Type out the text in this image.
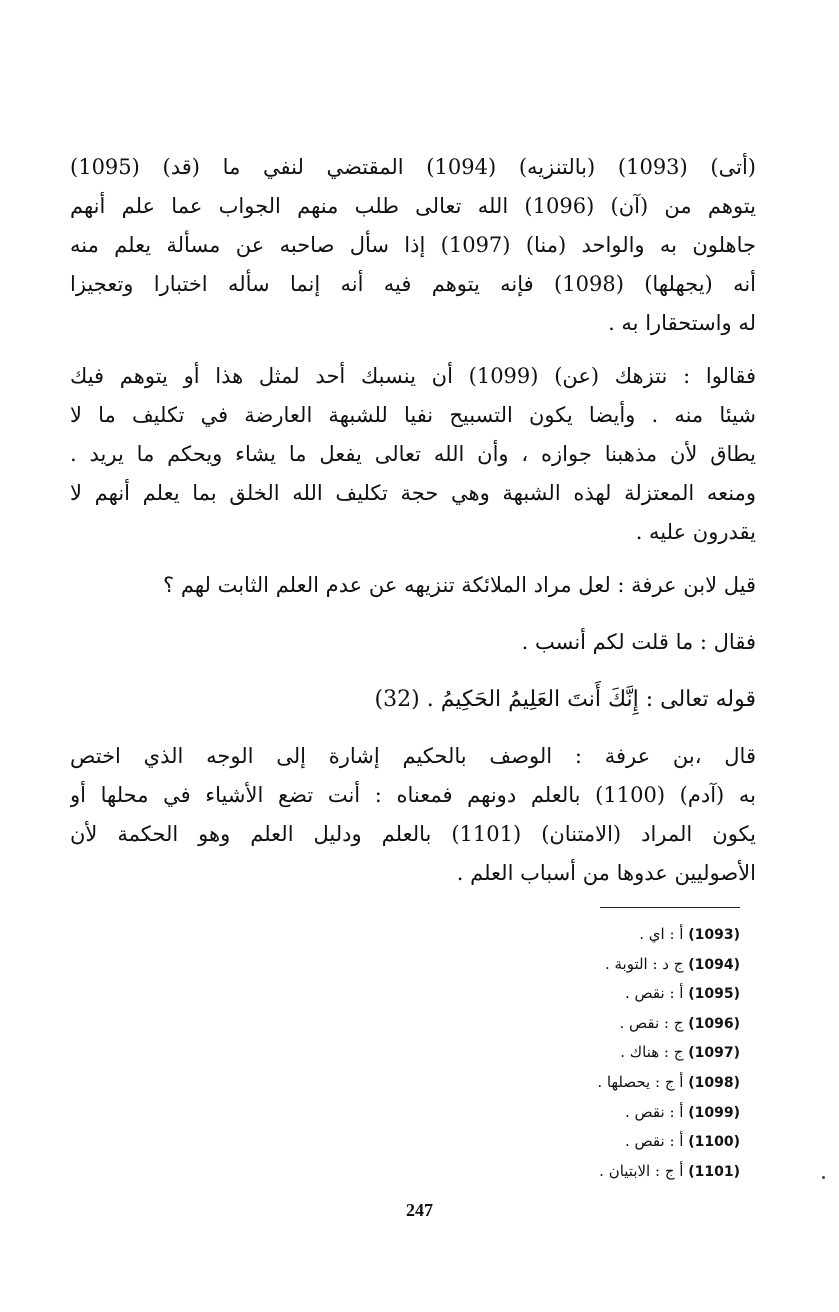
(أتى) (1093) (بالتنزيه) (1094) المقتضي لنفي ما (قد) (1095)
يتوهم من (آن) (1096) الله تعالى طلب منهم الجواب عما علم أنهم
جاهلون به والواحد (منا) (1097) إذا سأل صاحبه عن مسألة يعلم منه
أنه (يجهلها) (1098) فإنه يتوهم فيه أنه إنما سأله اختبارا وتعجيزا
له واستحقارا به .
فقالوا : نتزهك (عن) (1099) أن ينسبك أحد لمثل هذا أو يتوهم فيك
شيئا منه . وأيضا يكون التسبيح نفيا للشبهة العارضة في تكليف ما لا
يطاق لأن مذهبنا جوازه ، وأن الله تعالى يفعل ما يشاء ويحكم ما يريد .
ومنعه المعتزلة لهذه الشبهة وهي حجة تكليف الله الخلق بما يعلم أنهم لا
يقدرون عليه .
قيل لابن عرفة : لعل مراد الملائكة تنزيهه عن عدم العلم الثابت لهم ؟
فقال : ما قلت لكم أنسب .
قوله تعالى : إِنَّكَ أَنتَ العَلِيمُ الحَكِيمُ . (32)
قال ،بن عرفة : الوصف بالحكيم إشارة إلى الوجه الذي اختص
به (آدم) (1100) بالعلم دونهم فمعناه : أنت تضع الأشياء في محلها أو
يكون المراد (الامتنان) (1101) بالعلم ودليل العلم وهو الحكمة لأن
الأصوليين عدوها من أسباب العلم .
(1093) أ : اي .
(1094) ج د : التوبة .
(1095) أ : نقص .
(1096) ج : نقص .
(1097) ج : هناك .
(1098) أ ج : يحصلها .
(1099) أ : نقص .
(1100) أ : نقص .
(1101) أ ج : الابتيان .
247
